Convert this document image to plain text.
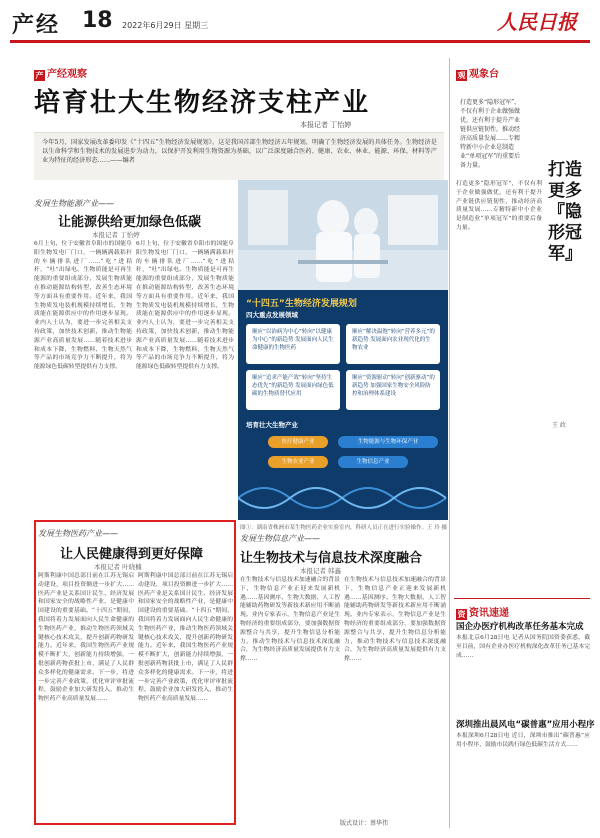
产经 18 2022年6月29日 星期三	人民日报
产 产经观察
培育壮大生物经济支柱产业
本报记者 丁怡婷
今年5月，国家发展改革委印发《“十四五”生物经济发展规划》，这是我国首部生物经济五年规划，明确了生物经济发展的具体任务。生物经济是以生命科学和生物技术的发展进步为动力，以保护开发利用生物资源为基础，以广泛深度融合医药、健康、农业、林业、能源、环保、材料等产业为特征的经济形态……——编者
发展生物能源产业——
让能源供给更加绿色低碳
本报记者 丁怡婷
6月上旬，位于安徽省阜阳市的国能阜阳生物发电厂门口，一辆辆满载秸秆的车辆排队进厂……“吃”进秸秆，“吐”出绿电。生物质能是可再生能源的重要组成部分，发展生物质能在推动能源结构转型、改善生态环境等方面具有重要作用。近年来，我国生物质发电装机规模持续增长，生物质能在能源供应中的作用逐步显现。业内人士认为，要进一步完善相关支持政策，加快技术创新，推动生物能源产业高质量发展……随着技术进步和成本下降，生物燃料、生物天然气等产品的市场竞争力不断提升，将为能源绿色低碳转型提供有力支撑。
6月上旬，位于安徽省阜阳市的国能阜阳生物发电厂门口，一辆辆满载秸秆的车辆排队进厂……“吃”进秸秆，“吐”出绿电。生物质能是可再生能源的重要组成部分，发展生物质能在推动能源结构转型、改善生态环境等方面具有重要作用。近年来，我国生物质发电装机规模持续增长，生物质能在能源供应中的作用逐步显现。业内人士认为，要进一步完善相关支持政策，加快技术创新，推动生物能源产业高质量发展……随着技术进步和成本下降，生物燃料、生物天然气等产品的市场竞争力不断提升，将为能源绿色低碳转型提供有力支撑。
“十四五”生物经济发展规划
四大重点发展领域
顺应“以治病为中心”转向“以健康为中心”的新趋势 发展面向人民生命健康的生物医药
顺应“解决温饱”转向“营养多元”的新趋势 发展面向农业现代化的生物农业
顺应“追求产能产效”转向“坚持生态优先”的新趋势 发展面向绿色低碳的生物质替代应用
顺应“资源驱动”转向“创新驱动”的新趋势 加强国家生物安全风险防控和治理体系建设
培育壮大生物产业
医疗健康产业	生物能源与生物环保产业
生物农业产业	生物信息产业
图①：湖南省株洲市某生物医药企业实验室内，科研人员正在进行实验操作。王 玲 摄
发展生物医药产业——
让人民健康得到更好保障
本报记者 叶晓楠
阿斯利康中国总部日前在江苏无锡启动建设，项目投资额进一步扩大……医药产业是关系国计民生、经济发展和国家安全的战略性产业，是健康中国建设的重要基础。“十四五”期间，我国将着力发展面向人民生命健康的生物医药产业，推动生物医药领域关键核心技术攻关，提升创新药物研发能力。近年来，我国生物医药产业规模不断扩大，创新能力持续增强，一批创新药物获批上市，满足了人民群众多样化的健康需求。下一步，将进一步完善产业政策，优化审评审批流程，鼓励企业加大研发投入，推动生物医药产业高质量发展……
阿斯利康中国总部日前在江苏无锡启动建设，项目投资额进一步扩大……医药产业是关系国计民生、经济发展和国家安全的战略性产业，是健康中国建设的重要基础。“十四五”期间，我国将着力发展面向人民生命健康的生物医药产业，推动生物医药领域关键核心技术攻关，提升创新药物研发能力。近年来，我国生物医药产业规模不断扩大，创新能力持续增强，一批创新药物获批上市，满足了人民群众多样化的健康需求。下一步，将进一步完善产业政策，优化审评审批流程，鼓励企业加大研发投入，推动生物医药产业高质量发展……
发展生物信息产业——
让生物技术与信息技术深度融合
本报记者 韩鑫
在生物技术与信息技术加速融合的背景下，生物信息产业正迎来发展新机遇……基因测序、生物大数据、人工智能辅助药物研发等新技术新应用不断涌现。业内专家表示，生物信息产业是生物经济的重要组成部分，要加强数据资源整合与共享，提升生物信息分析能力，推动生物技术与信息技术深度融合，为生物经济高质量发展提供有力支撑……
在生物技术与信息技术加速融合的背景下，生物信息产业正迎来发展新机遇……基因测序、生物大数据、人工智能辅助药物研发等新技术新应用不断涌现。业内专家表示，生物信息产业是生物经济的重要组成部分，要加强数据资源整合与共享，提升生物信息分析能力，推动生物技术与信息技术深度融合，为生物经济高质量发展提供有力支撑……
版式设计：蔡华伟
观 观象台
打造更多“隐形冠军”，不仅有利于企业做强做优，还有利于提升产业链供应链韧性，推动经济高质量发展……专精特新中小企业是制造业“单项冠军”的重要后备力量。	打造更多『隐形冠军』
王 政
打造更多“隐形冠军”，不仅有利于企业做强做优，还有利于提升产业链供应链韧性，推动经济高质量发展……专精特新中小企业是制造业“单项冠军”的重要后备力量。
资 资讯速递
国企办医疗机构改革任务基本完成
本报北京6月28日电 记者从国务院国资委获悉，截至目前，国有企业办医疗机构深化改革任务已基本完成……
深圳推出晨风电“碳普惠”应用小程序
本报深圳6月28日电 近日，深圳市推出“碳普惠”应用小程序，鼓励市民践行绿色低碳生活方式……
